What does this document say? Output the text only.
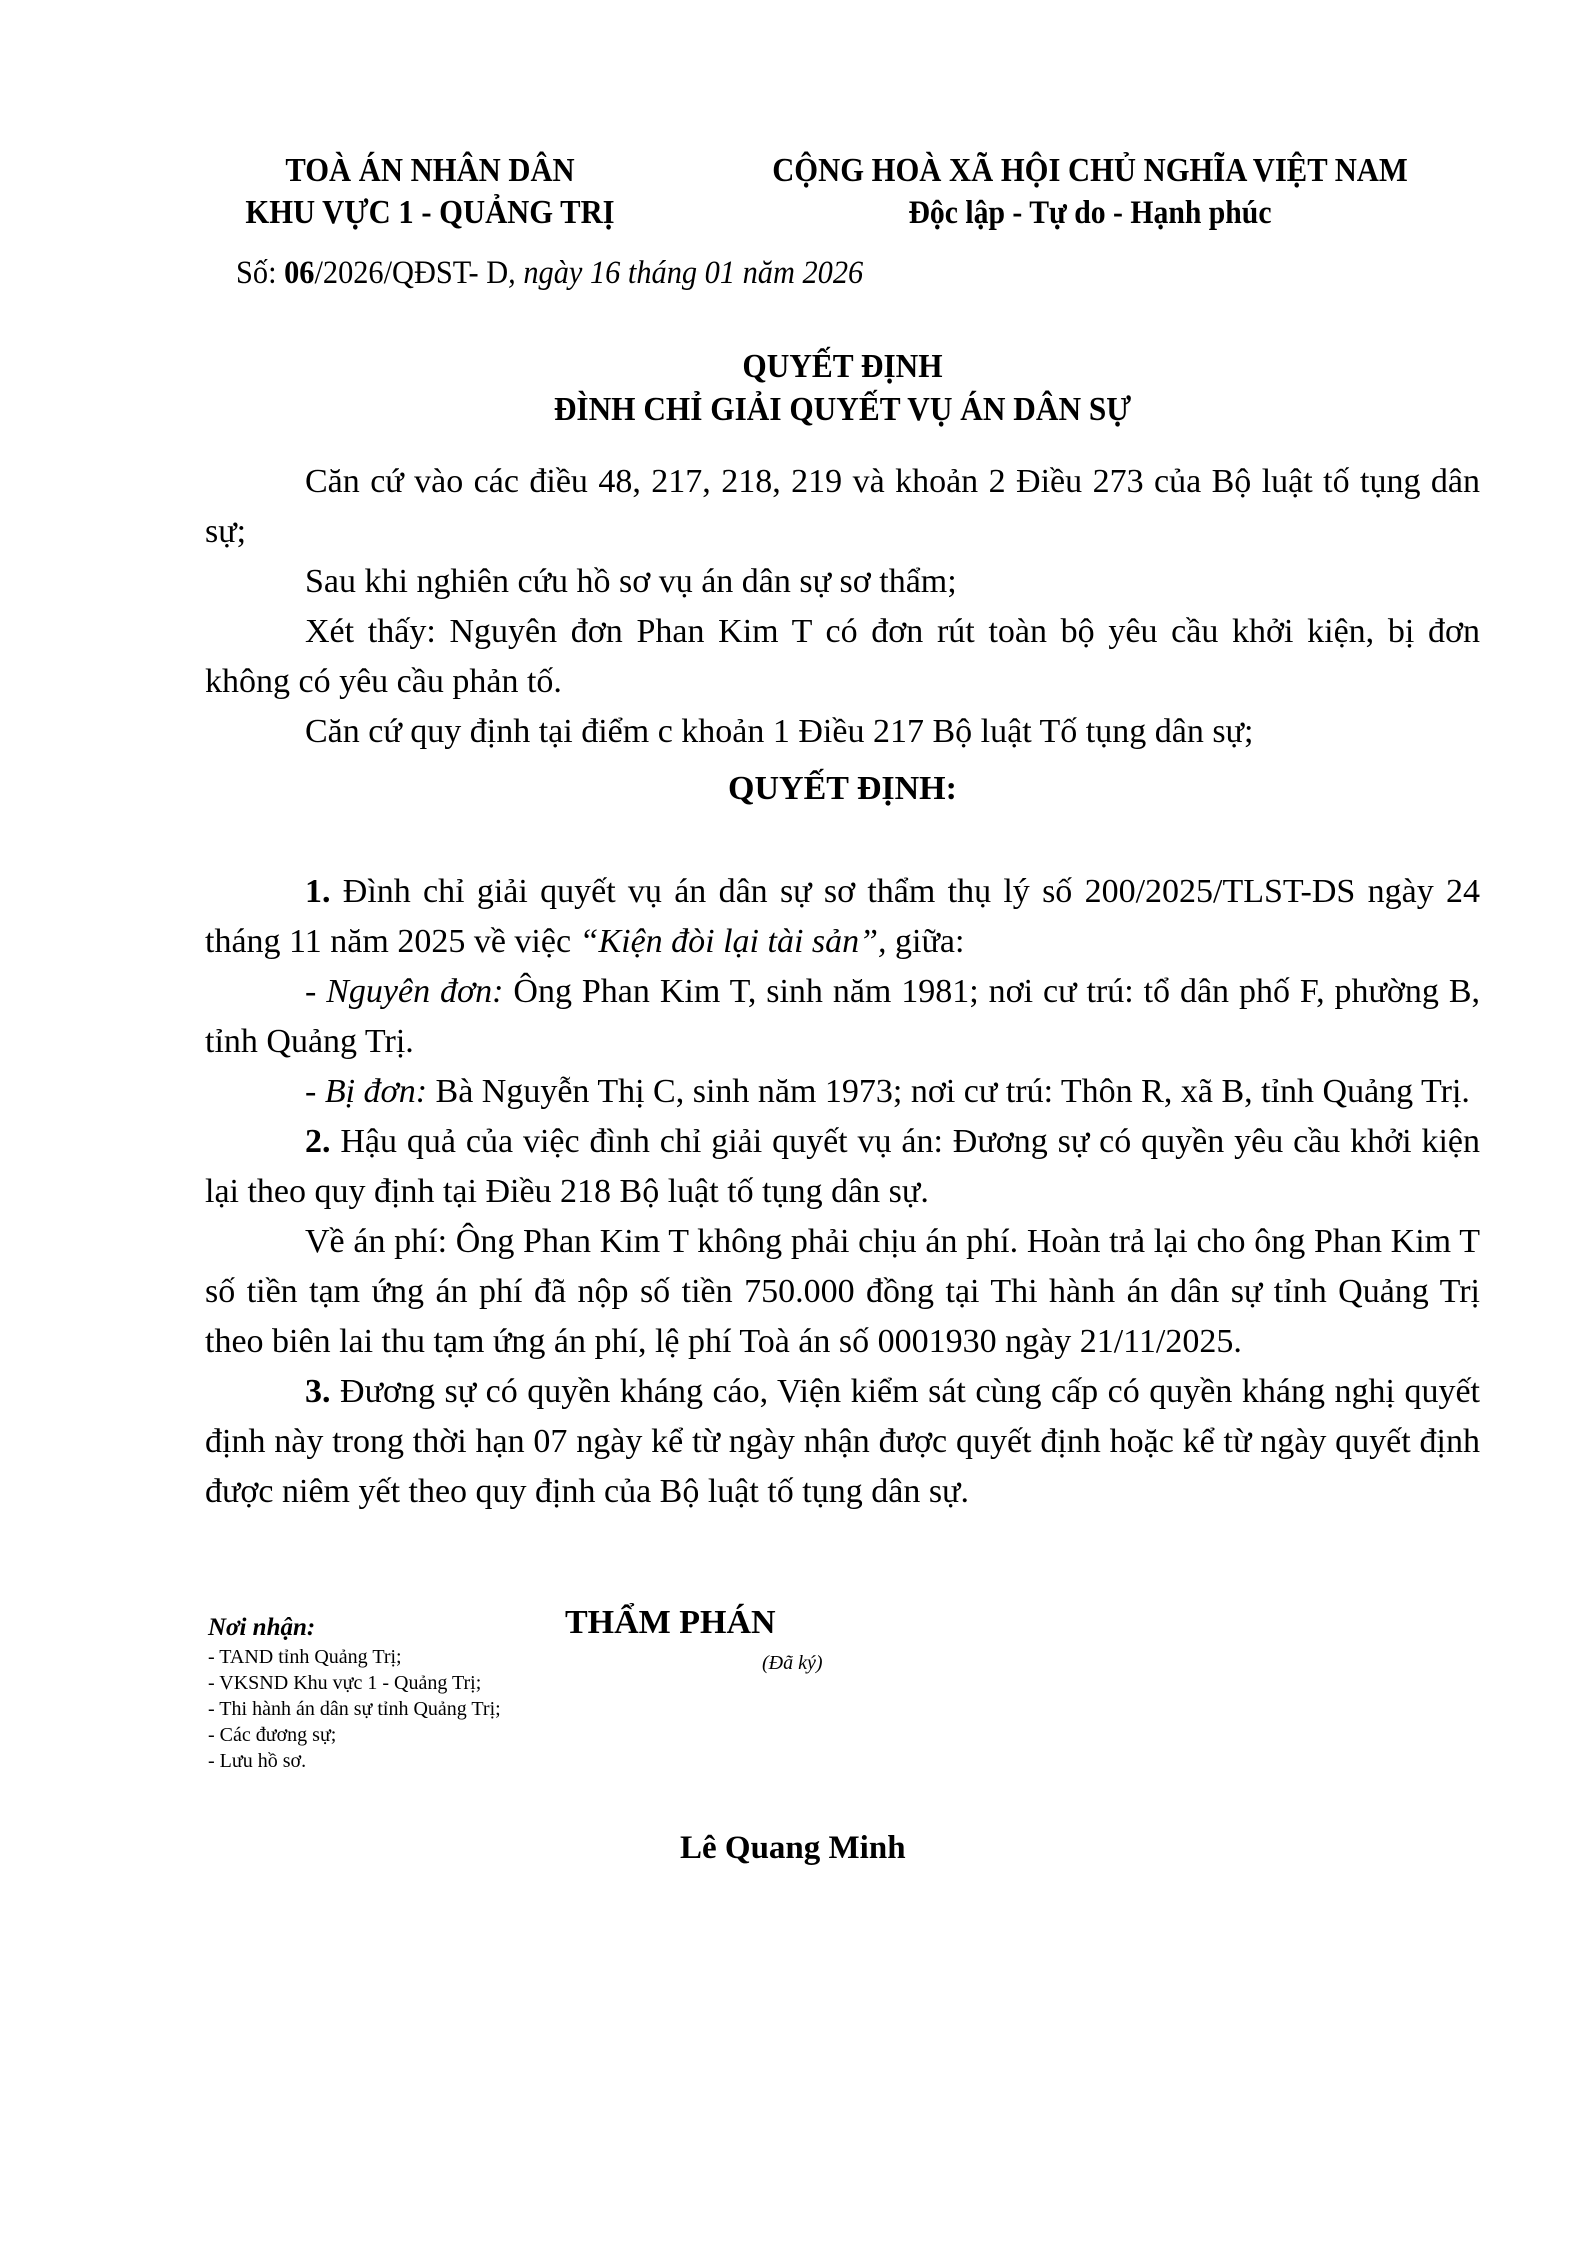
TOÀ ÁN NHÂN DÂN
KHU VỰC 1 - QUẢNG TRỊ
CỘNG HOÀ XÃ HỘI CHỦ NGHĨA VIỆT NAM
Độc lập - Tự do - Hạnh phúc
Số: 06/2026/QĐST- D, ngày 16 tháng 01 năm 2026
QUYẾT ĐỊNH
ĐÌNH CHỈ GIẢI QUYẾT VỤ ÁN DÂN SỰ

Căn cứ vào các điều 48, 217, 218, 219 và khoản 2 Điều 273 của Bộ luật tố tụng dân sự;

Sau khi nghiên cứu hồ sơ vụ án dân sự sơ thẩm;

Xét thấy: Nguyên đơn Phan Kim T có đơn rút toàn bộ yêu cầu khởi kiện, bị đơn không có yêu cầu phản tố.

Căn cứ quy định tại điểm c khoản 1 Điều 217 Bộ luật Tố tụng dân sự;

QUYẾT ĐỊNH:

1. Đình chỉ giải quyết vụ án dân sự sơ thẩm thụ lý số 200/2025/TLST-DS ngày 24 tháng 11 năm 2025 về việc “Kiện đòi lại tài sản”, giữa:

- Nguyên đơn: Ông Phan Kim T, sinh năm 1981; nơi cư trú: tổ dân phố F, phường B, tỉnh Quảng Trị.

- Bị đơn: Bà Nguyễn Thị C, sinh năm 1973; nơi cư trú: Thôn R, xã B, tỉnh Quảng Trị.

2. Hậu quả của việc đình chỉ giải quyết vụ án: Đương sự có quyền yêu cầu khởi kiện lại theo quy định tại Điều 218 Bộ luật tố tụng dân sự.

Về án phí: Ông Phan Kim T không phải chịu án phí. Hoàn trả lại cho ông Phan Kim T số tiền tạm ứng án phí đã nộp số tiền 750.000 đồng tại Thi hành án dân sự tỉnh Quảng Trị theo biên lai thu tạm ứng án phí, lệ phí Toà án số 0001930 ngày 21/11/2025.

3. Đương sự có quyền kháng cáo, Viện kiểm sát cùng cấp có quyền kháng nghị quyết định này trong thời hạn 07 ngày kể từ ngày nhận được quyết định hoặc kể từ ngày quyết định được niêm yết theo quy định của Bộ luật tố tụng dân sự.

Nơi nhận:
- TAND tỉnh Quảng Trị;
- VKSND Khu vực 1 - Quảng Trị;
- Thi hành án dân sự tỉnh Quảng Trị;
- Các đương sự;
- Lưu hồ sơ.
THẨM PHÁN
(Đã ký)
Lê Quang Minh
